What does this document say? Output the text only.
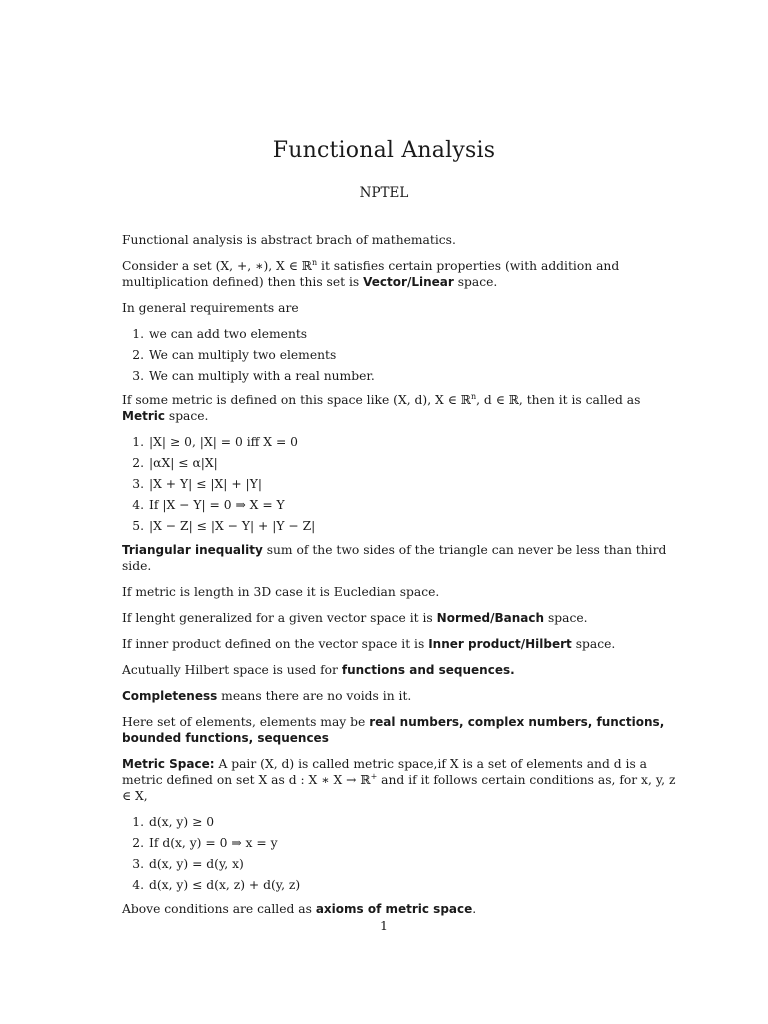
Functional Analysis
NPTEL

Functional analysis is abstract brach of mathematics.

Consider a set (X, +, ∗), X ∈ ℝ$^n$ it satisfies certain properties (with addition and multiplication defined) then this set is Vector/Linear space.

In general requirements are

1. we can add two elements
2. We can multiply two elements
3. We can multiply with a real number.

If some metric is defined on this space like (X, d), X ∈ ℝ$^n$, d ∈ ℝ, then it is called as Metric space.

1. |X| ≥ 0, |X| = 0 iff X = 0
2. |αX| ≤ α|X|
3. |X + Y| ≤ |X| + |Y|
4. If |X − Y| = 0 ⇒ X = Y
5. |X − Z| ≤ |X − Y| + |Y − Z|

Triangular inequality sum of the two sides of the triangle can never be less than third side.

If metric is length in 3D case it is Eucledian space.

If lenght generalized for a given vector space it is Normed/Banach space.

If inner product defined on the vector space it is Inner product/Hilbert space.

Acutually Hilbert space is used for functions and sequences.

Completeness means there are no voids in it.

Here set of elements, elements may be real numbers, complex numbers, functions, bounded functions, sequences

Metric Space: A pair (X, d) is called metric space,if X is a set of elements and d is a metric defined on set X as d : X ∗ X → ℝ+ and if it follows certain conditions as, for x, y, z ∈ X,

1. d(x, y) ≥ 0
2. If d(x, y) = 0 ⇒ x = y
3. d(x, y) = d(y, x)
4. d(x, y) ≤ d(x, z) + d(y, z)

Above conditions are called as axioms of metric space.

1
